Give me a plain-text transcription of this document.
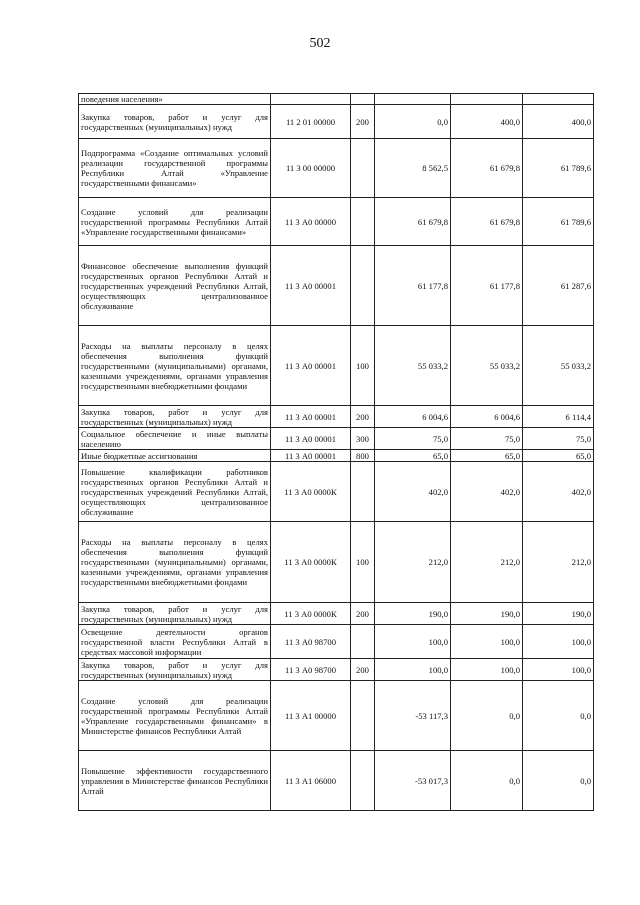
502
поведения населения»					

Закупка товаров, работ и услуг для государственных (муниципальных) нужд	11 2 01 00000	200	0,0	400,0	400,0

Подпрограмма «Создание оптимальных условий реализации государственной программы Республики Алтай «Управление государственными финансами»	11 3 00 00000		8 562,5	61 679,8	61 789,6

Создание условий для реализации государственной программы Республики Алтай «Управление государственными финансами»	11 3 А0 00000		61 679,8	61 679,8	61 789,6

Финансовое обеспечение выполнения функций государственных органов Республики Алтай и государственных учреждений Республики Алтай, осуществляющих централизованное обслуживание	11 3 А0 00001		61 177,8	61 177,8	61 287,6

Расходы на выплаты персоналу в целях обеспечения выполнения функций государственными (муниципальными) органами, казенными учреждениями, органами управления государственными внебюджетными фондами	11 3 А0 00001	100	55 033,2	55 033,2	55 033,2

Закупка товаров, работ и услуг для государственных (муниципальных) нужд	11 3 А0 00001	200	6 004,6	6 004,6	6 114,4

Социальное обеспечение и иные выплаты населению	11 3 А0 00001	300	75,0	75,0	75,0

Иные бюджетные ассигнования	11 3 А0 00001	800	65,0	65,0	65,0

Повышение квалификации работников государственных органов Республики Алтай и государственных учреждений Республики Алтай, осуществляющих централизованное обслуживание	11 3 А0 0000К		402,0	402,0	402,0

Расходы на выплаты персоналу в целях обеспечения выполнения функций государственными (муниципальными) органами, казенными учреждениями, органами управления государственными внебюджетными фондами	11 3 А0 0000К	100	212,0	212,0	212,0

Закупка товаров, работ и услуг для государственных (муниципальных) нужд	11 3 А0 0000К	200	190,0	190,0	190,0

Освещение деятельности органов государственной власти Республики Алтай в средствах массовой информации	11 3 А0 98700		100,0	100,0	100,0

Закупка товаров, работ и услуг для государственных (муниципальных) нужд	11 3 А0 98700	200	100,0	100,0	100,0

Создание условий для реализации государственной программы Республики Алтай «Управление государственными финансами» в Министерстве финансов Республики Алтай	11 3 А1 00000		-53 117,3	0,0	0,0

Повышение эффективности государственного управления в Министерстве финансов Республики Алтай	11 3 А1 06000		-53 017,3	0,0	0,0
